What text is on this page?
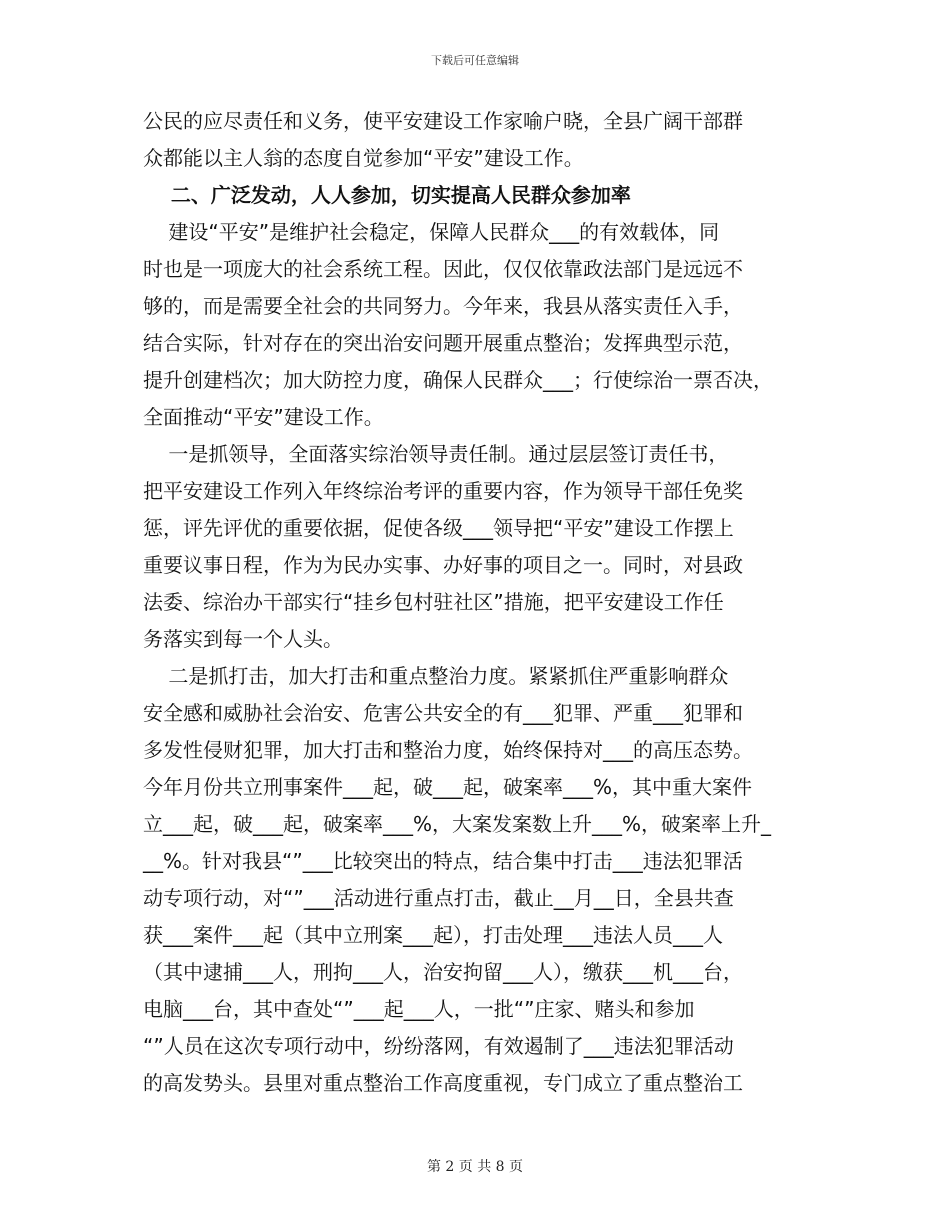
下载后可任意编辑
公民的应尽责任和义务，使平安建设工作家喻户晓，全县广阔干部群
众都能以主人翁的态度自觉参加“平安”建设工作。
二、广泛发动，人人参加，切实提高人民群众参加率
建设“平安”是维护社会稳定，保障人民群众___的有效载体，同
时也是一项庞大的社会系统工程。因此，仅仅依靠政法部门是远远不
够的，而是需要全社会的共同努力。今年来，我县从落实责任入手，
结合实际，针对存在的突出治安问题开展重点整治；发挥典型示范，
提升创建档次；加大防控力度，确保人民群众___；行使综治一票否决，
全面推动“平安”建设工作。
一是抓领导，全面落实综治领导责任制。通过层层签订责任书，
把平安建设工作列入年终综治考评的重要内容，作为领导干部任免奖
惩，评先评优的重要依据，促使各级___领导把“平安”建设工作摆上
重要议事日程，作为为民办实事、办好事的项目之一。同时，对县政
法委、综治办干部实行“挂乡包村驻社区”措施，把平安建设工作任
务落实到每一个人头。
二是抓打击，加大打击和重点整治力度。紧紧抓住严重影响群众
安全感和威胁社会治安、危害公共安全的有___犯罪、严重___犯罪和
多发性侵财犯罪，加大打击和整治力度，始终保持对___的高压态势。
今年月份共立刑事案件___起，破___起，破案率___%，其中重大案件
立___起，破___起，破案率___%，大案发案数上升___%，破案率上升_
__%。针对我县“”___比较突出的特点，结合集中打击___违法犯罪活
动专项行动，对“”___活动进行重点打击，截止__月__日，全县共查
获___案件___起（其中立刑案___起），打击处理___违法人员___人
（其中逮捕___人，刑拘___人，治安拘留___人），缴获___机___台，
电脑___台，其中查处“”___起___人，一批“”庄家、赌头和参加
“”人员在这次专项行动中，纷纷落网，有效遏制了___违法犯罪活动
的高发势头。县里对重点整治工作高度重视，专门成立了重点整治工
第 2 页 共 8 页
